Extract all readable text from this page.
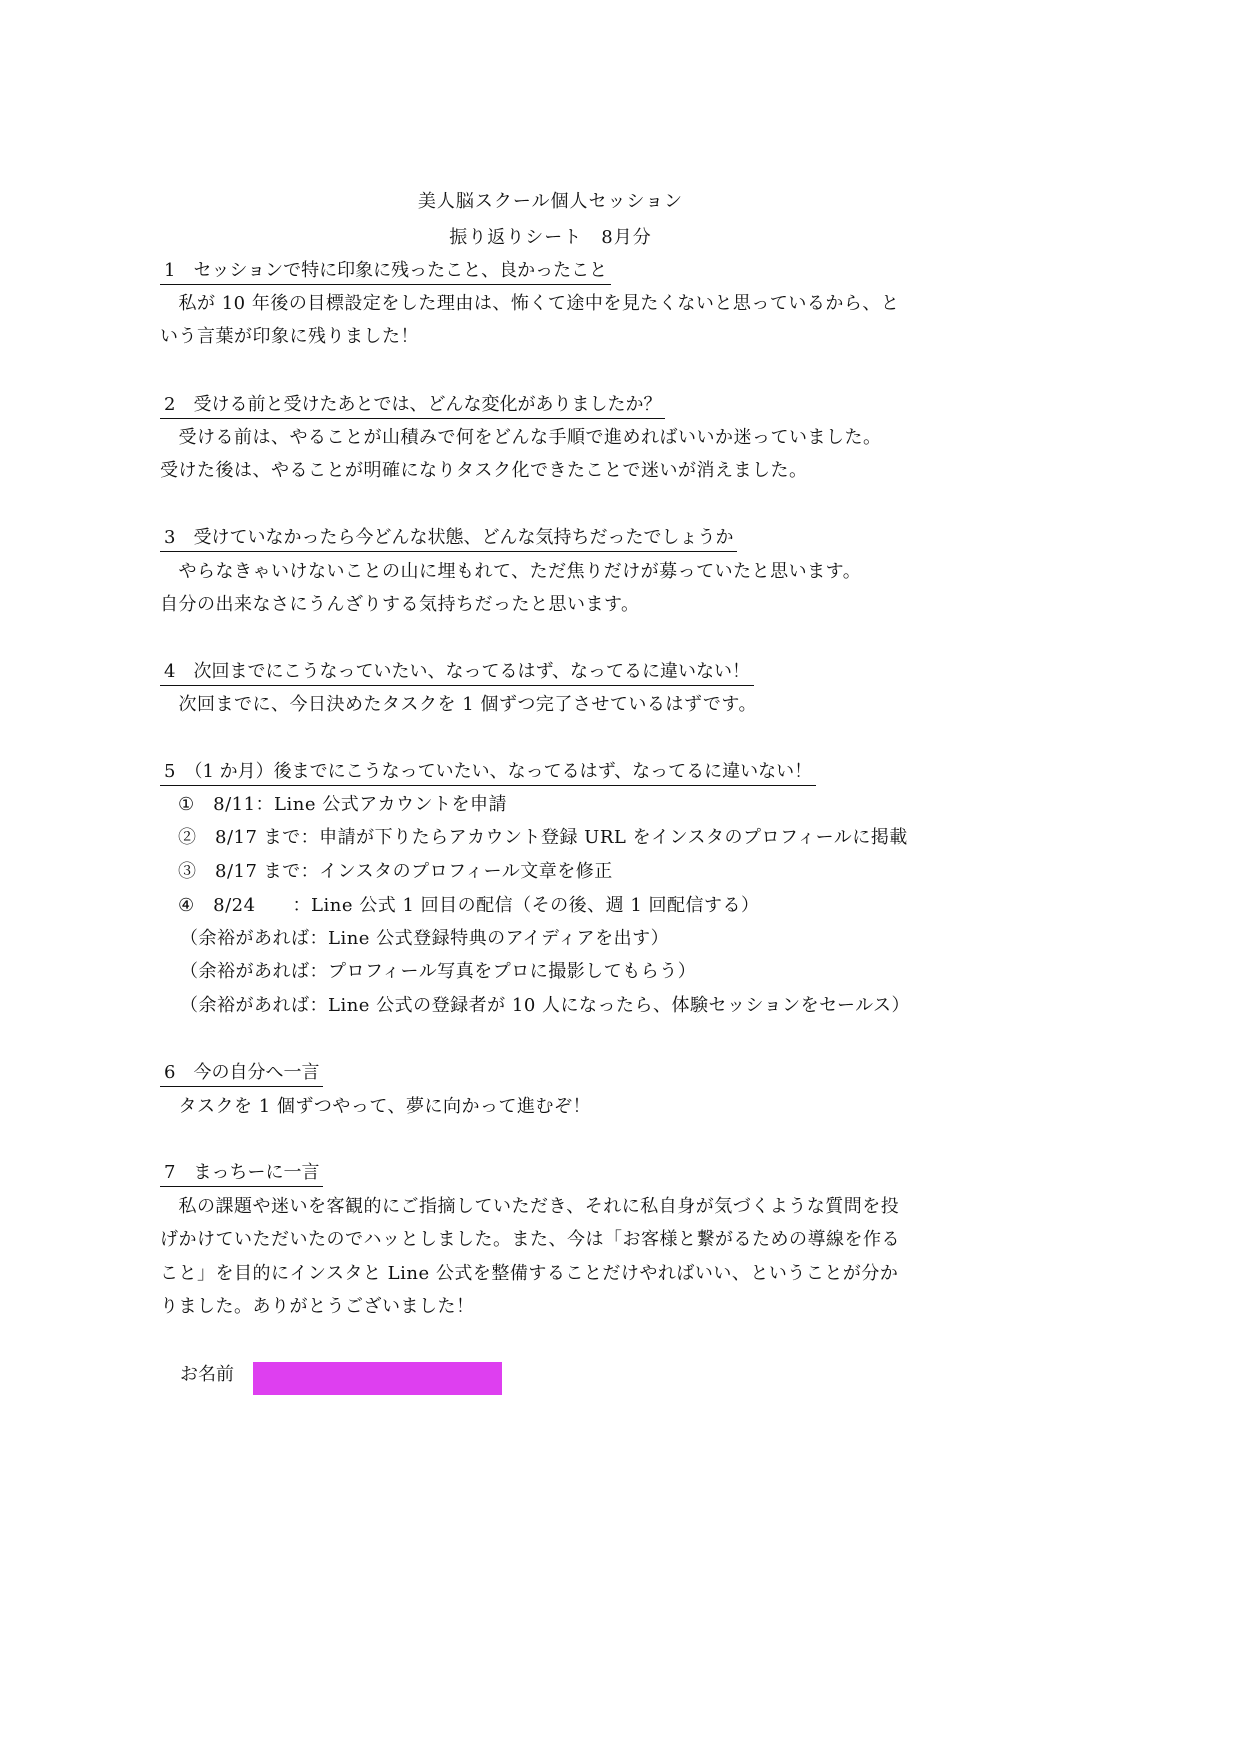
美人脳スクール個人セッション
振り返りシート　8月分
1　セッションで特に印象に残ったこと、良かったこと
　私が 10 年後の目標設定をした理由は、怖くて途中を見たくないと思っているから、と
いう言葉が印象に残りました！
2　受ける前と受けたあとでは、どんな変化がありましたか？
　受ける前は、やることが山積みで何をどんな手順で進めればいいか迷っていました。
受けた後は、やることが明確になりタスク化できたことで迷いが消えました。
3　受けていなかったら今どんな状態、どんな気持ちだったでしょうか
　やらなきゃいけないことの山に埋もれて、ただ焦りだけが募っていたと思います。
自分の出来なさにうんざりする気持ちだったと思います。
4　次回までにこうなっていたい、なってるはず、なってるに違いない！
　次回までに、今日決めたタスクを 1 個ずつ完了させているはずです。
5　（1 か月）後までにこうなっていたい、なってるはず、なってるに違いない！
①　8/11：Line 公式アカウントを申請
②　8/17 まで：申請が下りたらアカウント登録 URL をインスタのプロフィールに掲載
③　8/17 まで：インスタのプロフィール文章を修正
④　8/24　　：Line 公式 1 回目の配信（その後、週 1 回配信する）
（余裕があれば：Line 公式登録特典のアイディアを出す）
（余裕があれば：プロフィール写真をプロに撮影してもらう）
（余裕があれば：Line 公式の登録者が 10 人になったら、体験セッションをセールス）
6　今の自分へ一言
　タスクを 1 個ずつやって、夢に向かって進むぞ！
7　まっちーに一言
　私の課題や迷いを客観的にご指摘していただき、それに私自身が気づくような質問を投
げかけていただいたのでハッとしました。また、今は「お客様と繋がるための導線を作る
こと」を目的にインスタと Line 公式を整備することだけやればいい、ということが分か
りました。ありがとうございました！
お名前
